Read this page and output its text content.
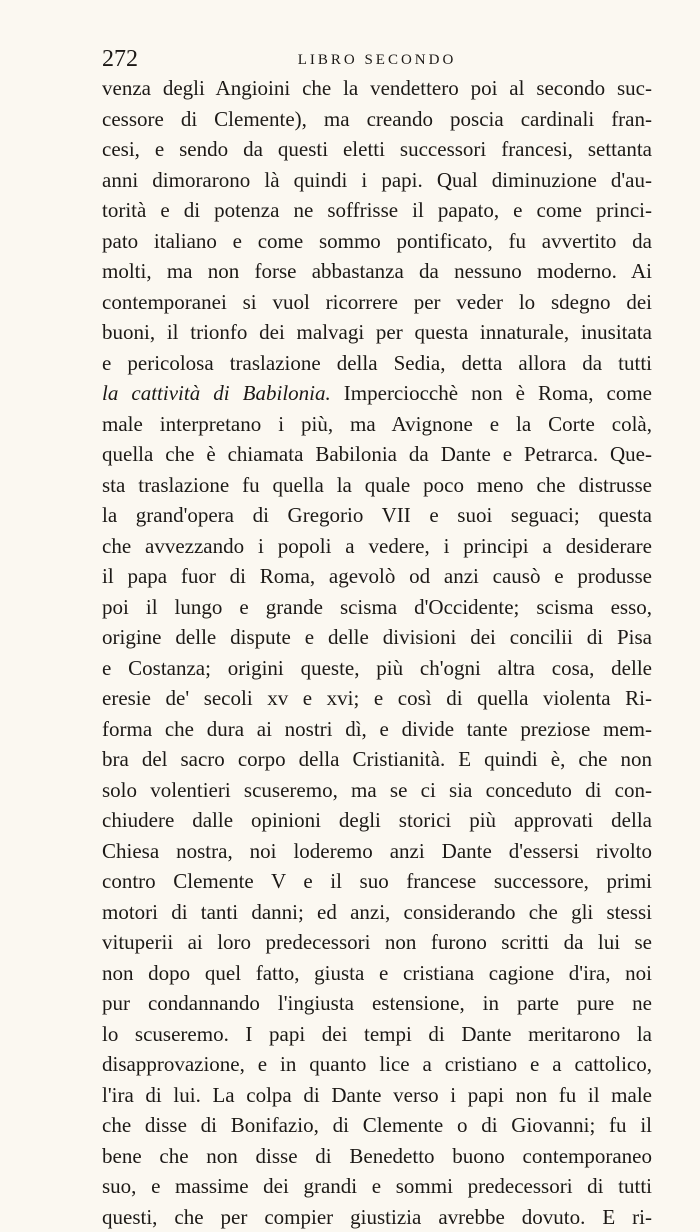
272	LIBRO SECONDO
venza degli Angioini che la vendettero poi al secondo suc-
cessore di Clemente), ma creando poscia cardinali fran-
cesi, e sendo da questi eletti successori francesi, settanta
anni dimorarono là quindi i papi. Qual diminuzione d'au-
torità e di potenza ne soffrisse il papato, e come princi-
pato italiano e come sommo pontificato, fu avvertito da
molti, ma non forse abbastanza da nessuno moderno. Ai
contemporanei si vuol ricorrere per veder lo sdegno dei
buoni, il trionfo dei malvagi per questa innaturale, inusitata
e pericolosa traslazione della Sedia, detta allora da tutti
la cattività di Babilonia. Imperciocchè non è Roma, come
male interpretano i più, ma Avignone e la Corte colà,
quella che è chiamata Babilonia da Dante e Petrarca. Que-
sta traslazione fu quella la quale poco meno che distrusse
la grand'opera di Gregorio VII e suoi seguaci; questa
che avvezzando i popoli a vedere, i principi a desiderare
il papa fuor di Roma, agevolò od anzi causò e produsse
poi il lungo e grande scisma d'Occidente; scisma esso,
origine delle dispute e delle divisioni dei concilii di Pisa
e Costanza; origini queste, più ch'ogni altra cosa, delle
eresie de' secoli xv e xvi; e così di quella violenta Ri-
forma che dura ai nostri dì, e divide tante preziose mem-
bra del sacro corpo della Cristianità. E quindi è, che non
solo volentieri scuseremo, ma se ci sia conceduto di con-
chiudere dalle opinioni degli storici più approvati della
Chiesa nostra, noi loderemo anzi Dante d'essersi rivolto
contro Clemente V e il suo francese successore, primi
motori di tanti danni; ed anzi, considerando che gli stessi
vituperii ai loro predecessori non furono scritti da lui se
non dopo quel fatto, giusta e cristiana cagione d'ira, noi
pur condannando l'ingiusta estensione, in parte pure ne
lo scuseremo. I papi dei tempi di Dante meritarono la
disapprovazione, e in quanto lice a cristiano e a cattolico,
l'ira di lui. La colpa di Dante verso i papi non fu il male
che disse di Bonifazio, di Clemente o di Giovanni; fu il
bene che non disse di Benedetto buono contemporaneo
suo, e massime dei grandi e sommi predecessori di tutti
questi, che per compier giustizia avrebbe dovuto. E ri-
